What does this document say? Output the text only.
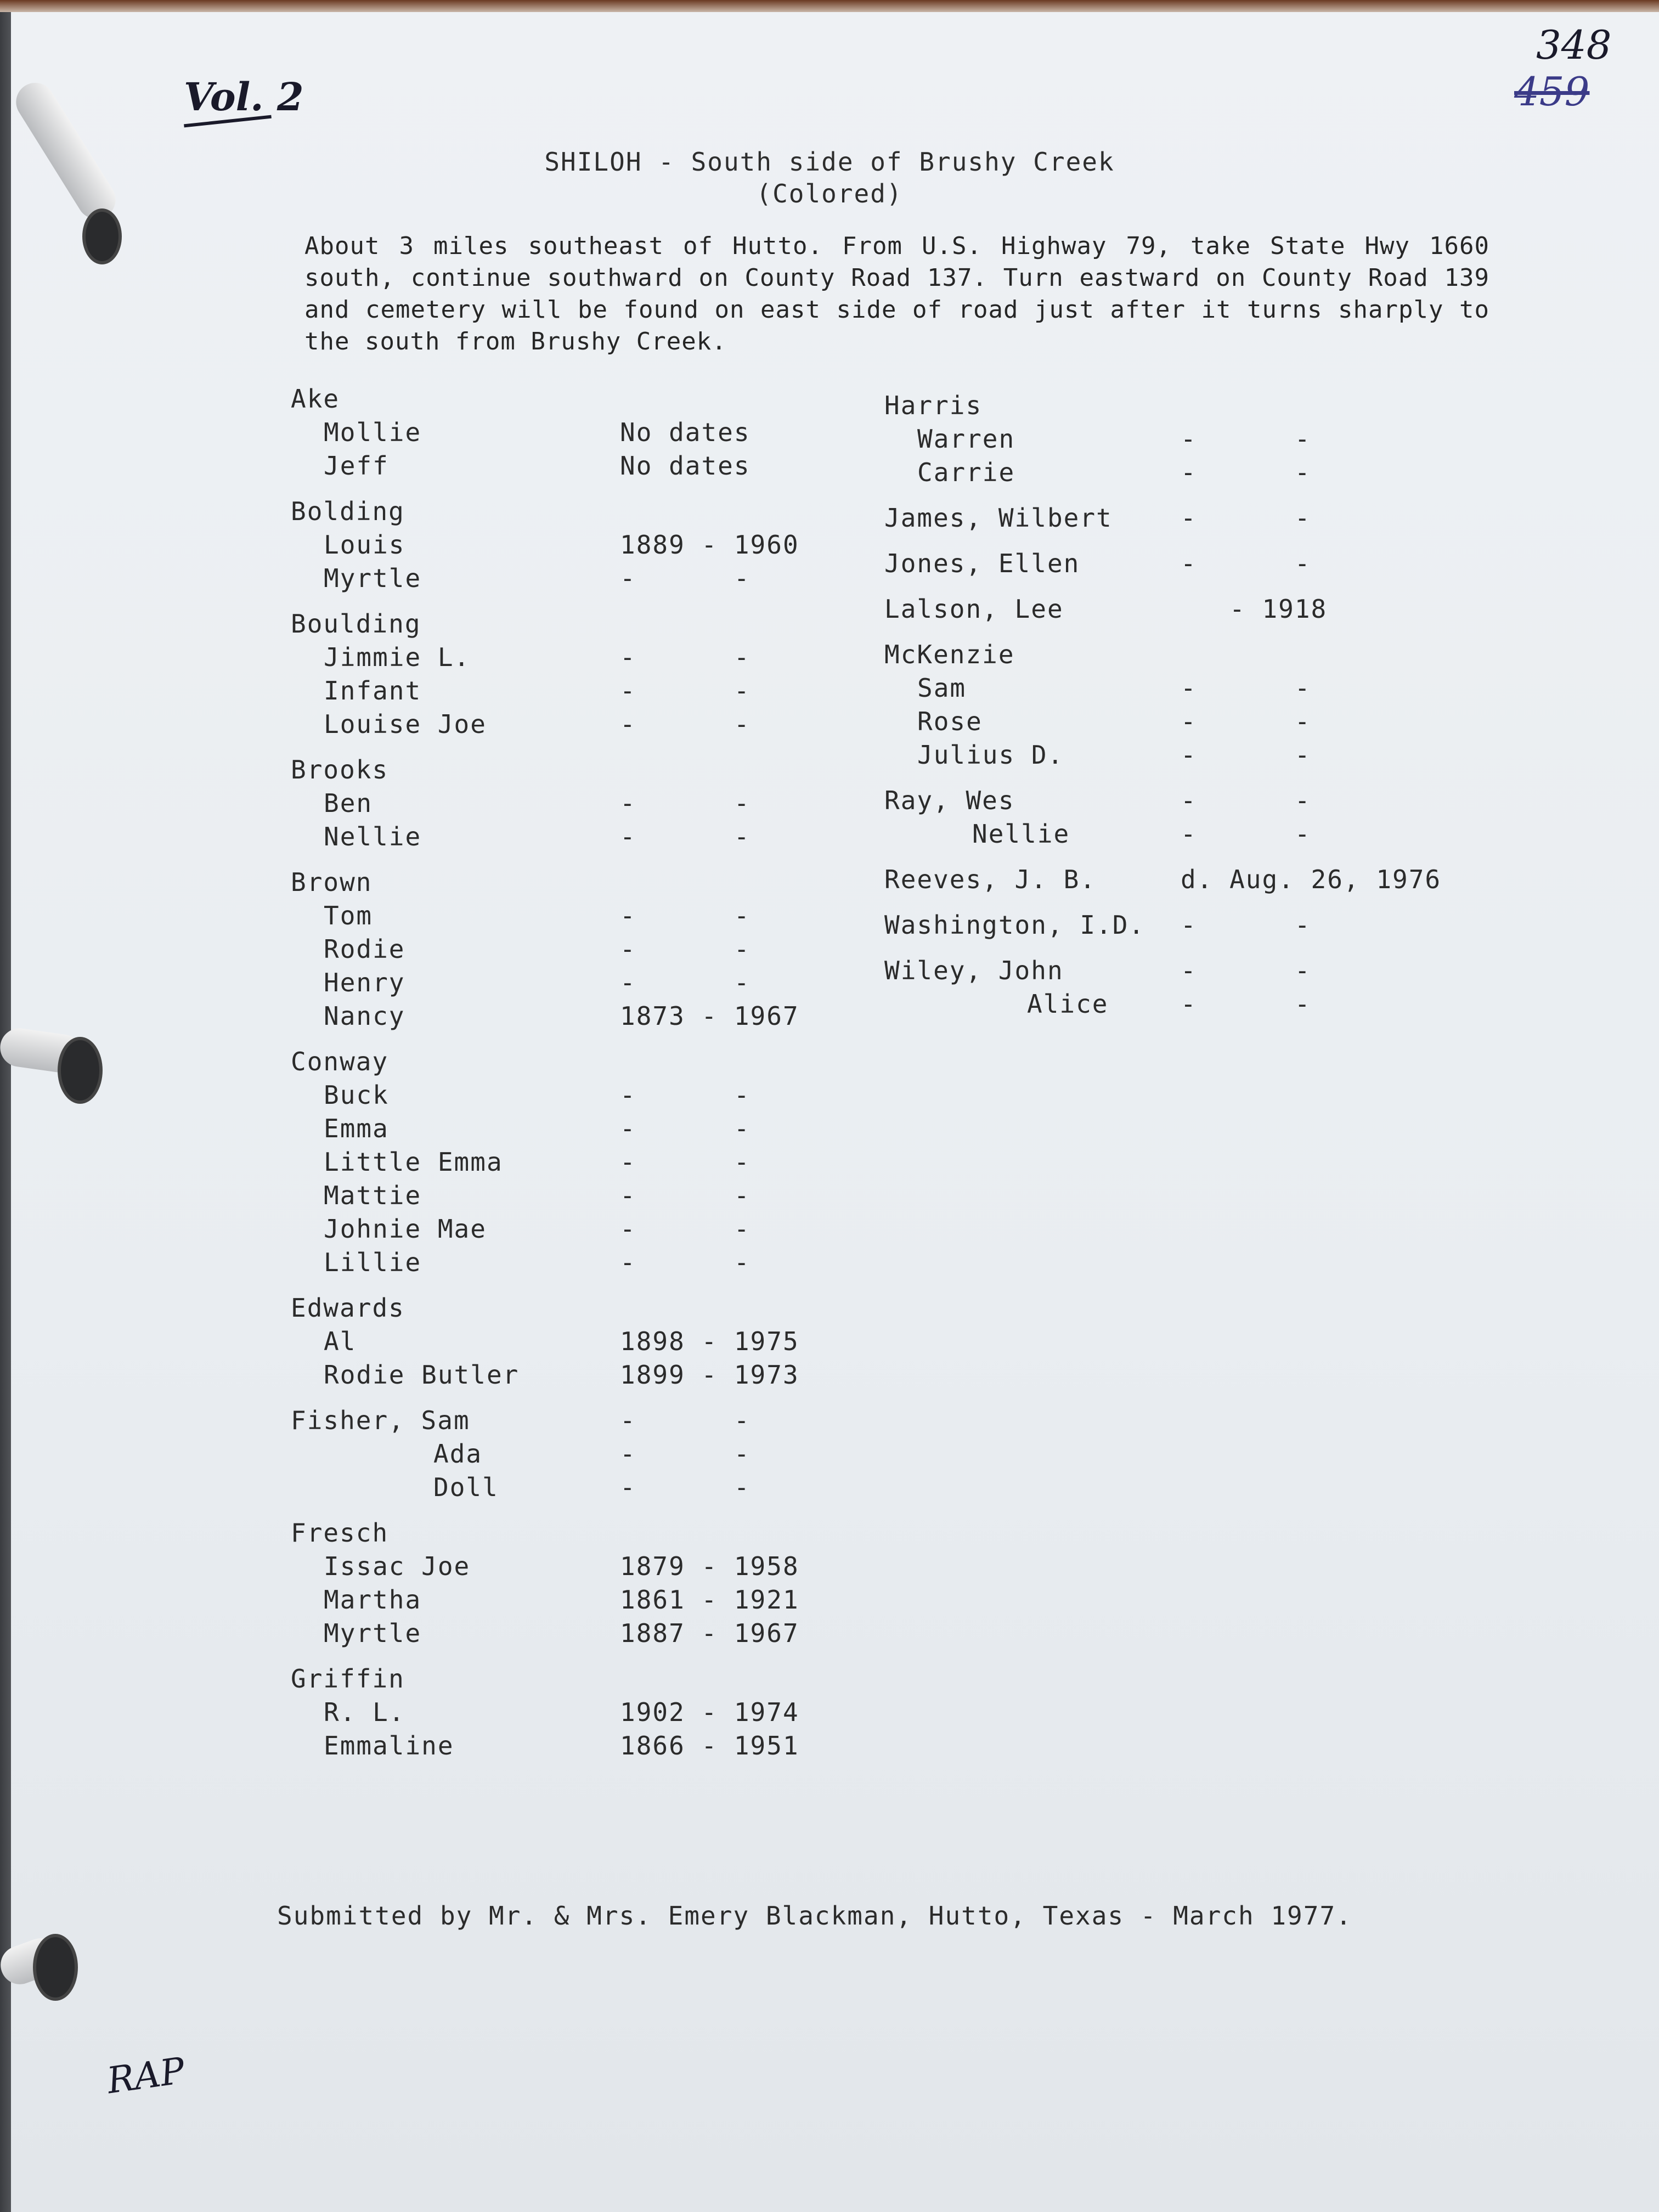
Vol. 2
348
459
RAP
SHILOH - South side of Brushy Creek
(Colored)
About 3 miles southeast of Hutto. From U.S. Highway 79, take State Hwy 1660 south, continue southward on County Road 137. Turn eastward on County Road 139 and cemetery will be found on east side of road just after it turns sharply to the south from Brushy Creek.
Ake
Mollie	No dates
Jeff	No dates
Bolding
Louis	1889 - 1960
Myrtle	-      -
Boulding
Jimmie L.	-      -
Infant	-      -
Louise Joe	-      -
Brooks
Ben	-      -
Nellie	-      -
Brown
Tom	-      -
Rodie	-      -
Henry	-      -
Nancy	1873 - 1967
Conway
Buck	-      -
Emma	-      -
Little Emma	-      -
Mattie	-      -
Johnie Mae	-      -
Lillie	-      -
Edwards
Al	1898 - 1975
Rodie Butler	1899 - 1973
Fisher, Sam	-      -
Ada	-      -
Doll	-      -
Fresch
Issac Joe	1879 - 1958
Martha	1861 - 1921
Myrtle	1887 - 1967
Griffin
R. L.	1902 - 1974
Emmaline	1866 - 1951
Harris
Warren	-      -
Carrie	-      -
James, Wilbert	-      -
Jones, Ellen	-      -
Lalson, Lee	- 1918
McKenzie
Sam	-      -
Rose	-      -
Julius D.	-      -
Ray, Wes	-      -
Nellie	-      -
Reeves, J. B.	d. Aug. 26, 1976
Washington, I.D. -      -
Wiley, John	-      -
Alice	-      -
Submitted by Mr. & Mrs. Emery Blackman, Hutto, Texas - March 1977.
